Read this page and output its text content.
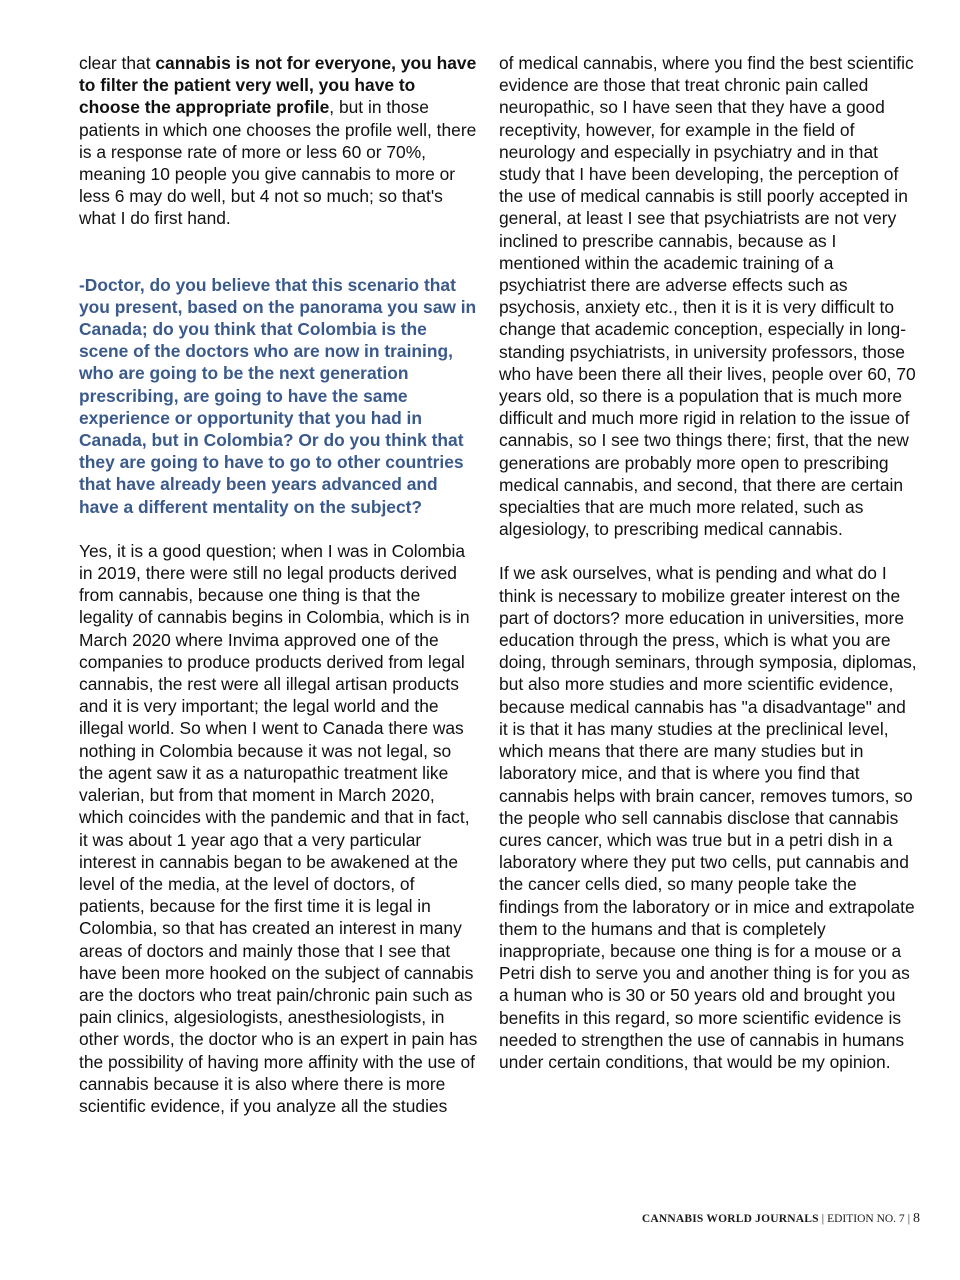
clear that cannabis is not for everyone, you have to filter the patient very well, you have to choose the appropriate profile, but in those patients in which one chooses the profile well, there is a response rate of more or less 60 or 70%, meaning 10 people you give cannabis to more or less 6 may do well, but 4 not so much; so that's what I do first hand.

-Doctor, do you believe that this scenario that you present, based on the panorama you saw in Canada; do you think that Colombia is the scene of the doctors who are now in training, who are going to be the next generation prescribing, are going to have the same experience or opportunity that you had in Canada, but in Colombia? Or do you think that they are going to have to go to other countries that have already been years advanced and have a different mentality on the subject?

Yes, it is a good question; when I was in Colombia in 2019, there were still no legal products derived from cannabis, because one thing is that the legality of cannabis begins in Colombia, which is in March 2020 where Invima approved one of the companies to produce products derived from legal cannabis, the rest were all illegal artisan products and it is very important; the legal world and the illegal world. So when I went to Canada there was nothing in Colombia because it was not legal, so the agent saw it as a naturopathic treatment like valerian, but from that moment in March 2020, which coincides with the pandemic and that in fact, it was about 1 year ago that a very particular interest in cannabis began to be awakened at the level of the media, at the level of doctors, of patients, because for the first time it is legal in Colombia, so that has created an interest in many areas of doctors and mainly those that I see that have been more hooked on the subject of cannabis are the doctors who treat pain/chronic pain such as pain clinics, algesiologists, anesthesiologists, in other words, the doctor who is an expert in pain has the possibility of having more affinity with the use of cannabis because it is also where there is more scientific evidence, if you analyze all the studies

of medical cannabis, where you find the best scientific evidence are those that treat chronic pain called neuropathic, so I have seen that they have a good receptivity, however, for example in the field of neurology and especially in psychiatry and in that study that I have been developing, the perception of the use of medical cannabis is still poorly accepted in general, at least I see that psychiatrists are not very inclined to prescribe cannabis, because as I mentioned within the academic training of a psychiatrist there are adverse effects such as psychosis, anxiety etc., then it is it is very difficult to change that academic conception, especially in long-standing psychiatrists, in university professors, those who have been there all their lives, people over 60, 70 years old, so there is a population that is much more difficult and much more rigid in relation to the issue of cannabis, so I see two things there; first, that the new generations are probably more open to prescribing medical cannabis, and second, that there are certain specialties that are much more related, such as algesiology, to prescribing medical cannabis.

If we ask ourselves, what is pending and what do I think is necessary to mobilize greater interest on the part of doctors? more education in universities, more education through the press, which is what you are doing, through seminars, through symposia, diplomas, but also more studies and more scientific evidence, because medical cannabis has "a disadvantage" and it is that it has many studies at the preclinical level, which means that there are many studies but in laboratory mice, and that is where you find that cannabis helps with brain cancer, removes tumors, so the people who sell cannabis disclose that cannabis cures cancer, which was true but in a petri dish in a laboratory where they put two cells, put cannabis and the cancer cells died, so many people take the findings from the laboratory or in mice and extrapolate them to the humans and that is completely inappropriate, because one thing is for a mouse or a Petri dish to serve you and another thing is for you as a human who is 30 or 50 years old and brought you benefits in this regard, so more scientific evidence is needed to strengthen the use of cannabis in humans under certain conditions, that would be my opinion.

CANNABIS WORLD JOURNALS | EDITION NO. 7 | 8
